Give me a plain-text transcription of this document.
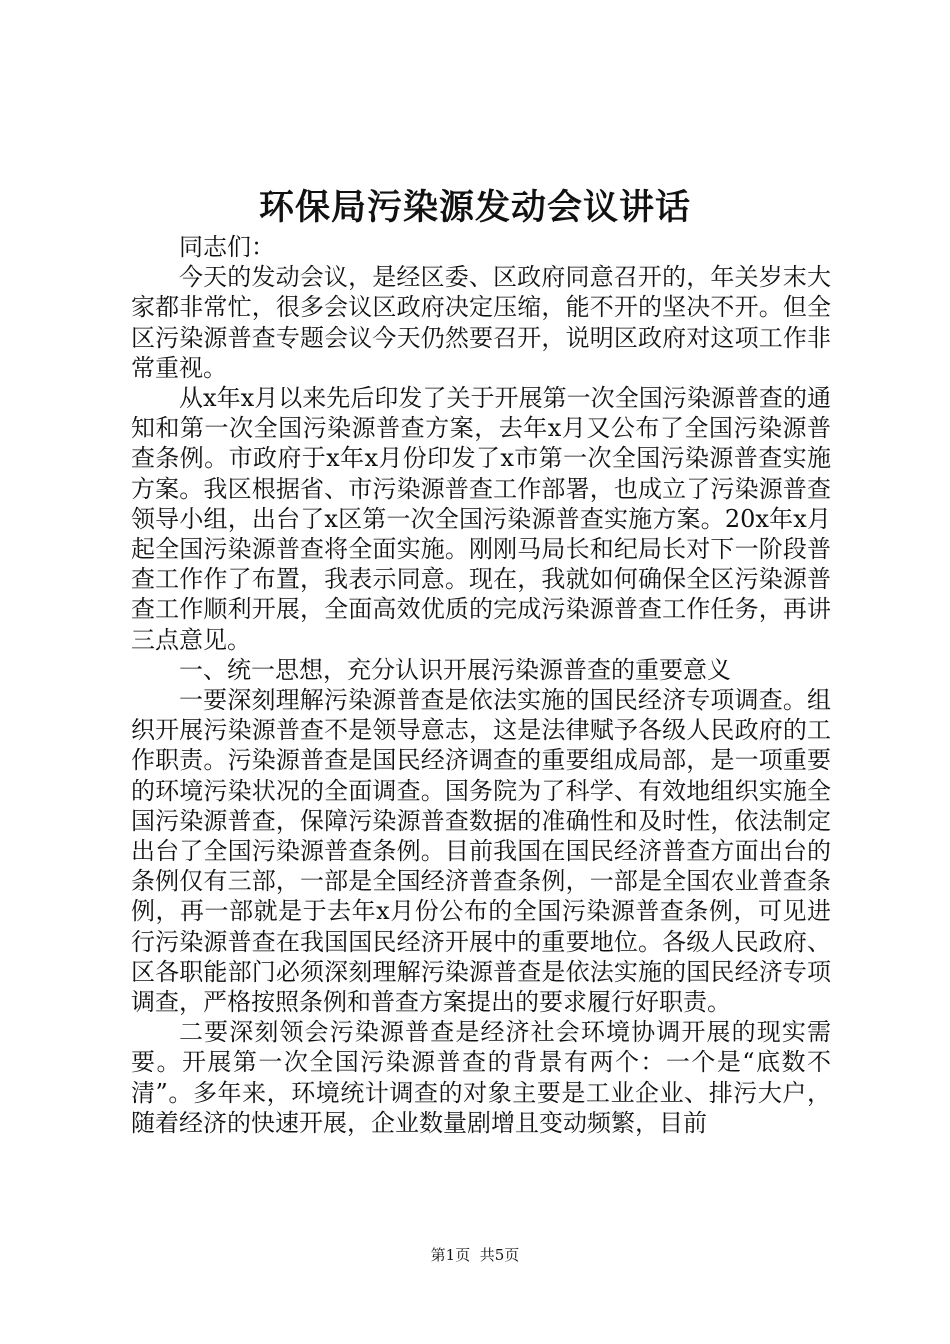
环保局污染源发动会议讲话

同志们：

今天的发动会议，是经区委、区政府同意召开的，年关岁末大家都非常忙，很多会议区政府决定压缩，能不开的坚决不开。但全区污染源普查专题会议今天仍然要召开，说明区政府对这项工作非常重视。

从x年x月以来先后印发了关于开展第一次全国污染源普查的通知和第一次全国污染源普查方案，去年x月又公布了全国污染源普查条例。市政府于x年x月份印发了x市第一次全国污染源普查实施方案。我区根据省、市污染源普查工作部署，也成立了污染源普查领导小组，出台了x区第一次全国污染源普查实施方案。20x年x月起全国污染源普查将全面实施。刚刚马局长和纪局长对下一阶段普查工作作了布置，我表示同意。现在，我就如何确保全区污染源普查工作顺利开展，全面高效优质的完成污染源普查工作任务，再讲三点意见。

一、统一思想，充分认识开展污染源普查的重要意义

一要深刻理解污染源普查是依法实施的国民经济专项调查。组织开展污染源普查不是领导意志，这是法律赋予各级人民政府的工作职责。污染源普查是国民经济调查的重要组成局部，是一项重要的环境污染状况的全面调查。国务院为了科学、有效地组织实施全国污染源普查，保障污染源普查数据的准确性和及时性，依法制定出台了全国污染源普查条例。目前我国在国民经济普查方面出台的条例仅有三部，一部是全国经济普查条例，一部是全国农业普查条例，再一部就是于去年x月份公布的全国污染源普查条例，可见进行污染源普查在我国国民经济开展中的重要地位。各级人民政府、区各职能部门必须深刻理解污染源普查是依法实施的国民经济专项调查，严格按照条例和普查方案提出的要求履行好职责。

二要深刻领会污染源普查是经济社会环境协调开展的现实需要。开展第一次全国污染源普查的背景有两个：一个是“底数不清”。多年来，环境统计调查的对象主要是工业企业、排污大户，随着经济的快速开展，企业数量剧增且变动频繁，目前

第1页 共5页
